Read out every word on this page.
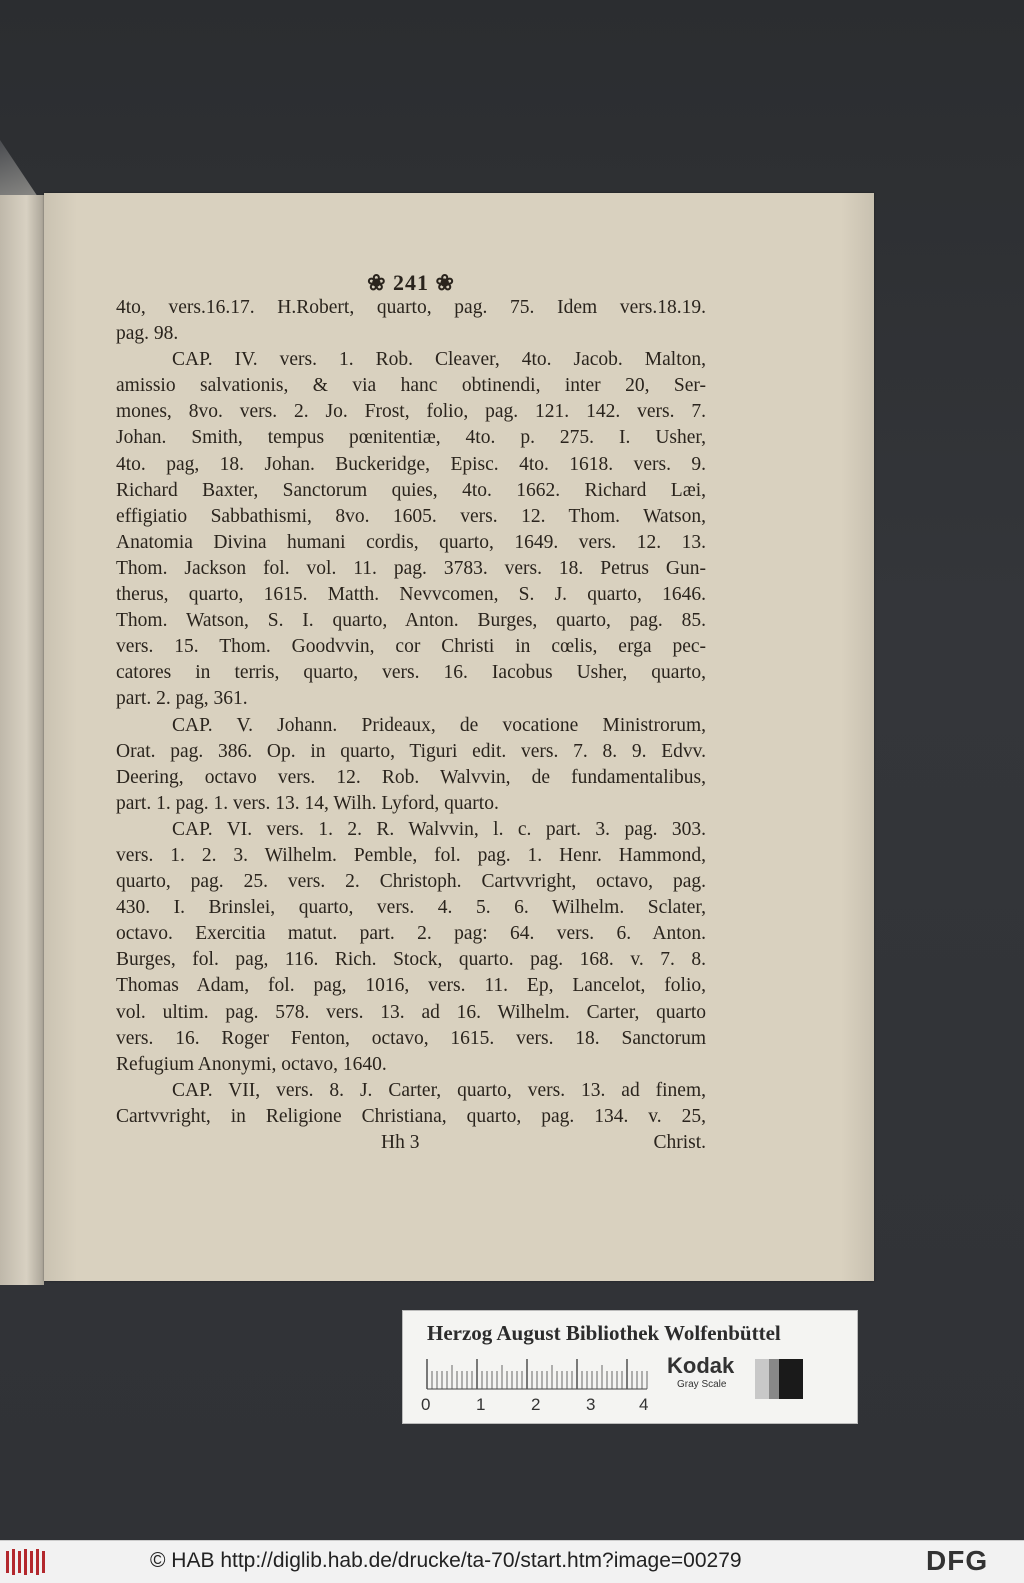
❀ 241 ❀
4to, vers.16.17. H.Robert, quarto, pag. 75. Idem vers.18.19.
pag. 98.
CAP. IV. vers. 1. Rob. Cleaver, 4to. Jacob. Malton,
amissio salvationis, & via hanc obtinendi, inter 20, Ser-
mones, 8vo. vers. 2. Jo. Frost, folio, pag. 121. 142. vers. 7.
Johan. Smith, tempus pœnitentiæ, 4to. p. 275. I. Usher,
4to. pag, 18. Johan. Buckeridge, Episc. 4to. 1618. vers. 9.
Richard Baxter, Sanctorum quies, 4to. 1662. Richard Læi,
effigiatio Sabbathismi, 8vo. 1605. vers. 12. Thom. Watson,
Anatomia Divina humani cordis, quarto, 1649. vers. 12. 13.
Thom. Jackson fol. vol. 11. pag. 3783. vers. 18. Petrus Gun-
therus, quarto, 1615. Matth. Nevvcomen, S. J. quarto, 1646.
Thom. Watson, S. I. quarto, Anton. Burges, quarto, pag. 85.
vers. 15. Thom. Goodvvin, cor Christi in cœlis, erga pec-
catores in terris, quarto, vers. 16. Iacobus Usher, quarto,
part. 2. pag, 361.
CAP. V. Johann. Prideaux, de vocatione Ministrorum,
Orat. pag. 386. Op. in quarto, Tiguri edit. vers. 7. 8. 9. Edvv.
Deering, octavo vers. 12. Rob. Walvvin, de fundamentalibus,
part. 1. pag. 1. vers. 13. 14, Wilh. Lyford, quarto.
CAP. VI. vers. 1. 2. R. Walvvin, l. c. part. 3. pag. 303.
vers. 1. 2. 3. Wilhelm. Pemble, fol. pag. 1. Henr. Hammond,
quarto, pag. 25. vers. 2. Christoph. Cartvvright, octavo, pag.
430. I. Brinslei, quarto, vers. 4. 5. 6. Wilhelm. Sclater,
octavo. Exercitia matut. part. 2. pag: 64. vers. 6. Anton.
Burges, fol. pag, 116. Rich. Stock, quarto. pag. 168. v. 7. 8.
Thomas Adam, fol. pag, 1016, vers. 11. Ep, Lancelot, folio,
vol. ultim. pag. 578. vers. 13. ad 16. Wilhelm. Carter, quarto
vers. 16. Roger Fenton, octavo, 1615. vers. 18. Sanctorum
Refugium Anonymi, octavo, 1640.
CAP. VII, vers. 8. J. Carter, quarto, vers. 13. ad finem,
Cartvvright, in Religione Christiana, quarto, pag. 134. v. 25,
Hh 3	Christ.
Herzog August Bibliothek Wolfenbüttel
0	1	2	3	4
Kodak
Gray Scale
© HAB http://diglib.hab.de/drucke/ta-70/start.htm?image=00279	DFG
